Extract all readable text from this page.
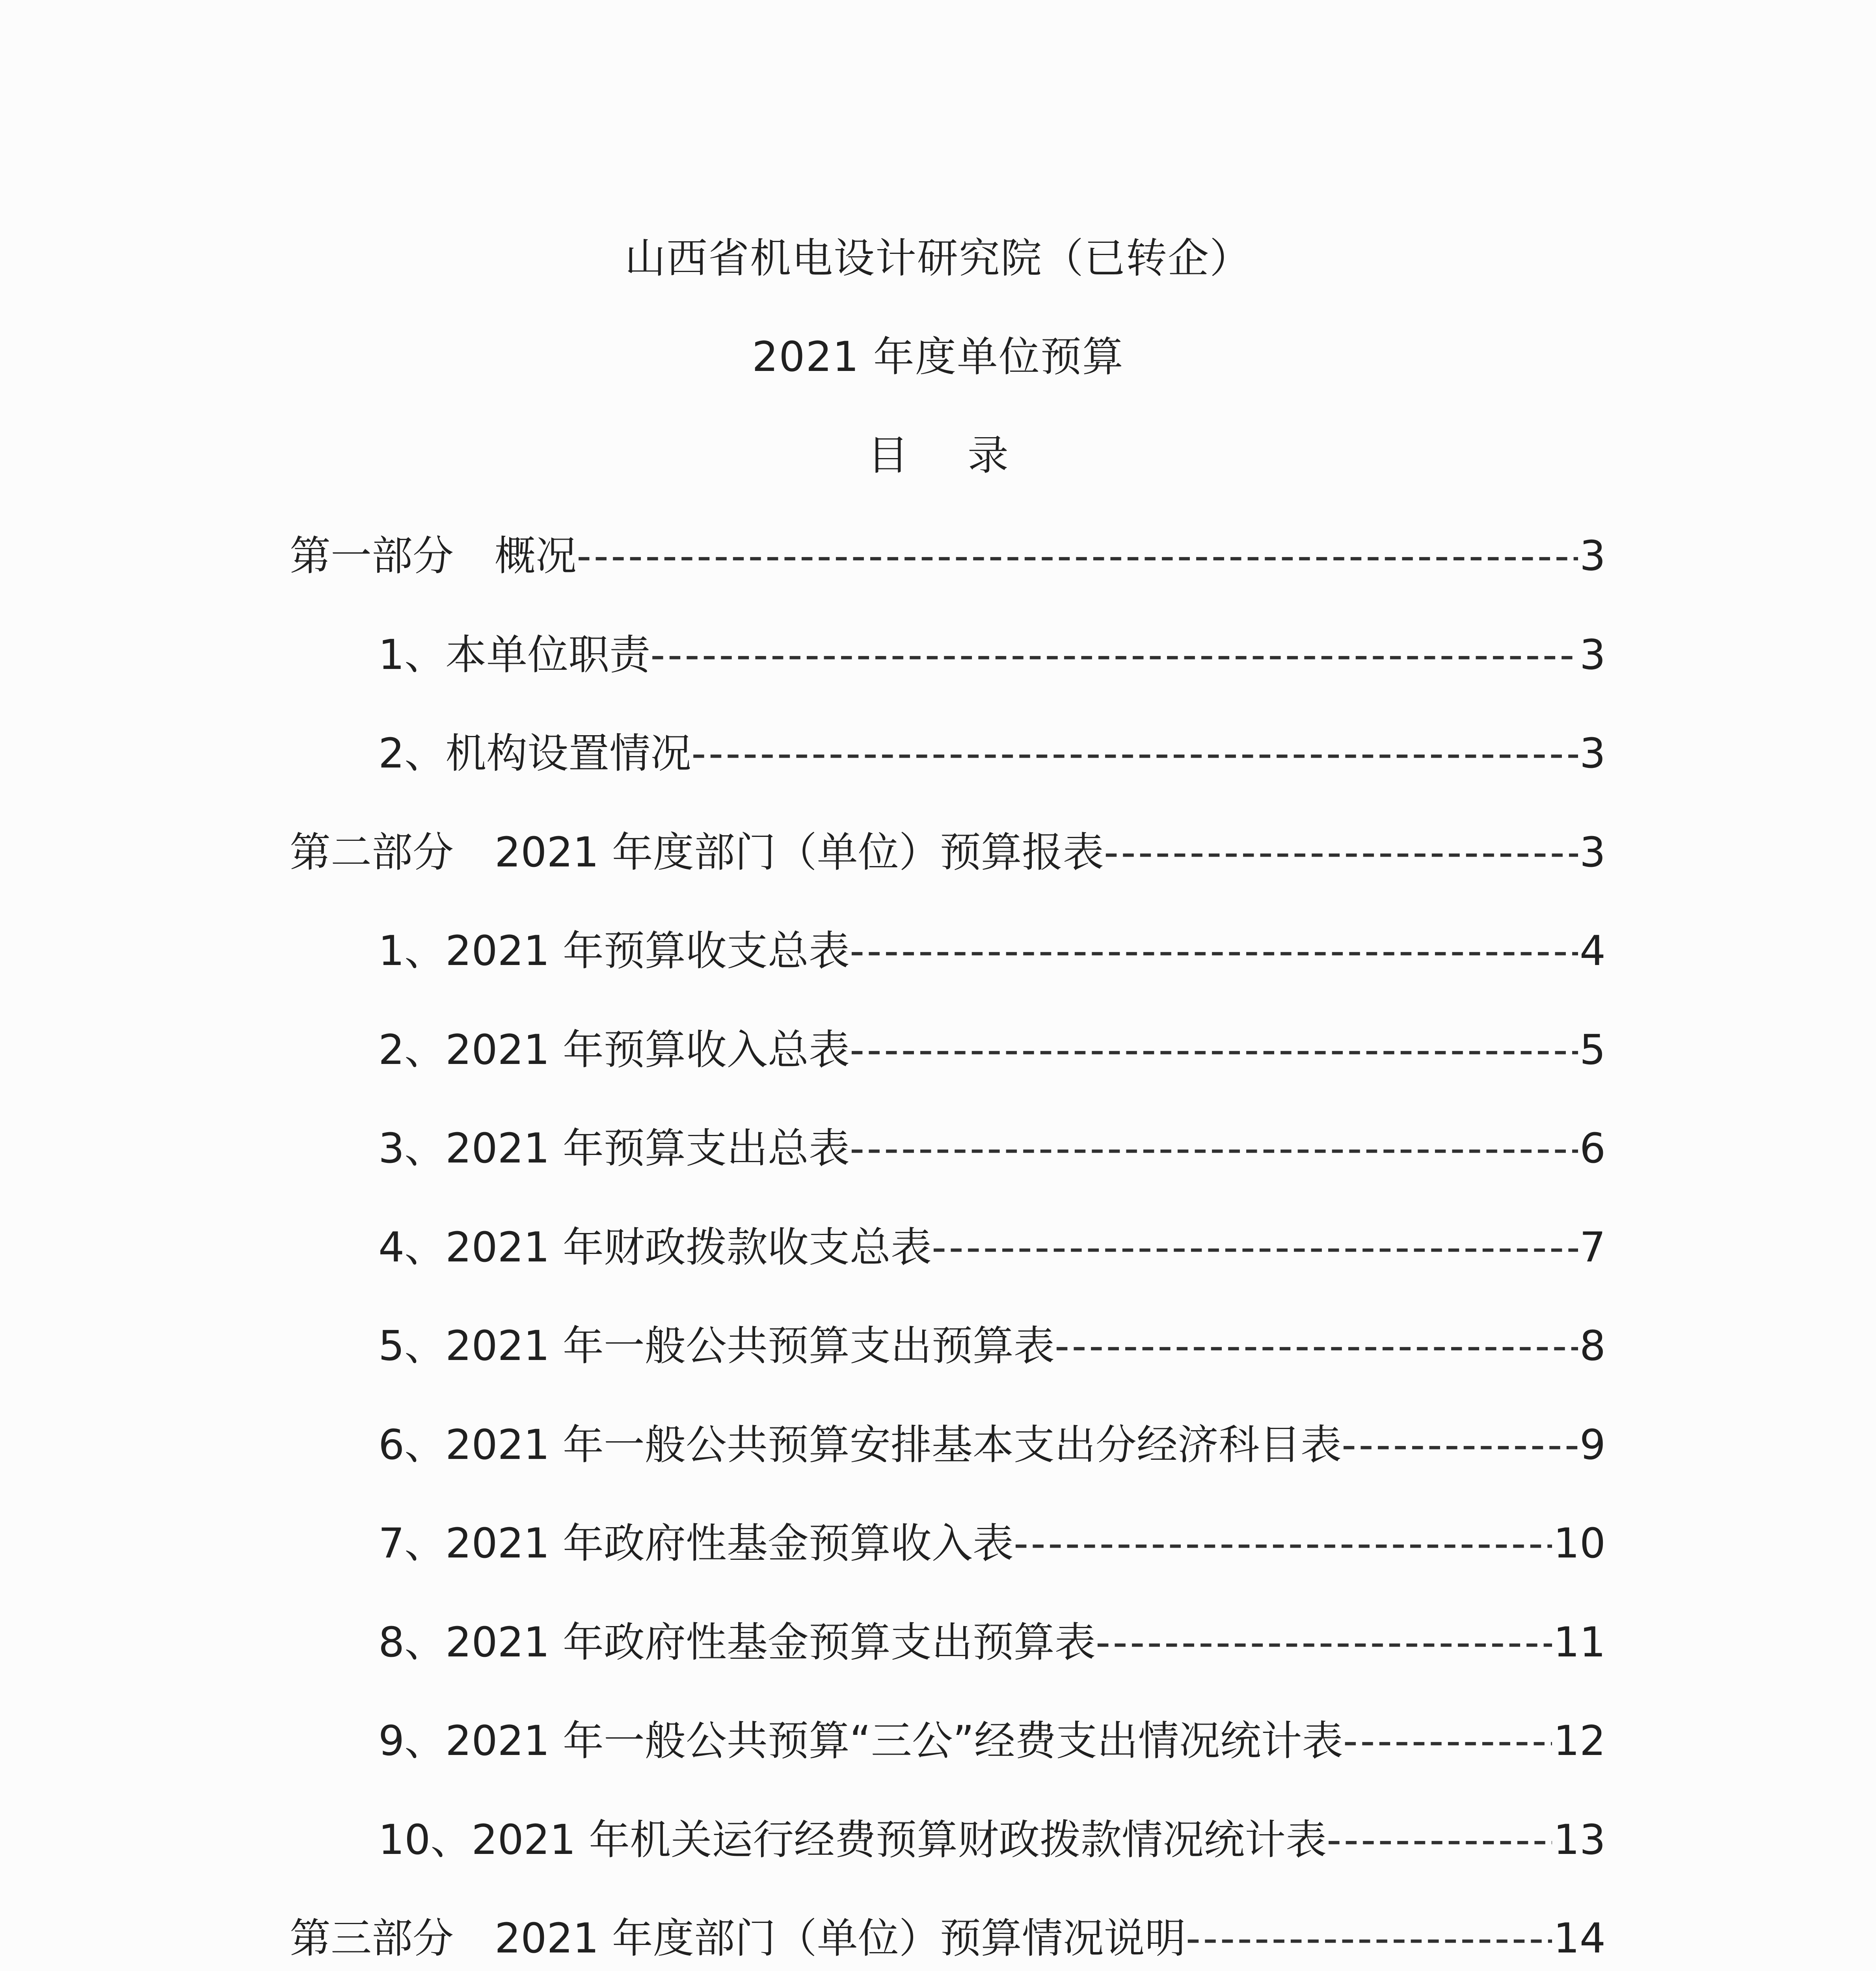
山西省机电设计研究院（已转企）
2021 年度单位预算
目录
第一部分　概况 -----	3
1、本单位职责 -----	3
2、机构设置情况 -----	3
第二部分　2021 年度部门（单位）预算报表 -----	3
1、2021 年预算收支总表 -----	4
2、2021 年预算收入总表 -----	5
3、2021 年预算支出总表 -----	6
4、2021 年财政拨款收支总表 -----	7
5、2021 年一般公共预算支出预算表 -----	8
6、2021 年一般公共预算安排基本支出分经济科目表 -----	9
7、2021 年政府性基金预算收入表 -----	10
8、2021 年政府性基金预算支出预算表 -----	11
9、2021 年一般公共预算“三公”经费支出情况统计表 -----	12
10、2021 年机关运行经费预算财政拨款情况统计表 -----	13
第三部分　2021 年度部门（单位）预算情况说明 -----	14
